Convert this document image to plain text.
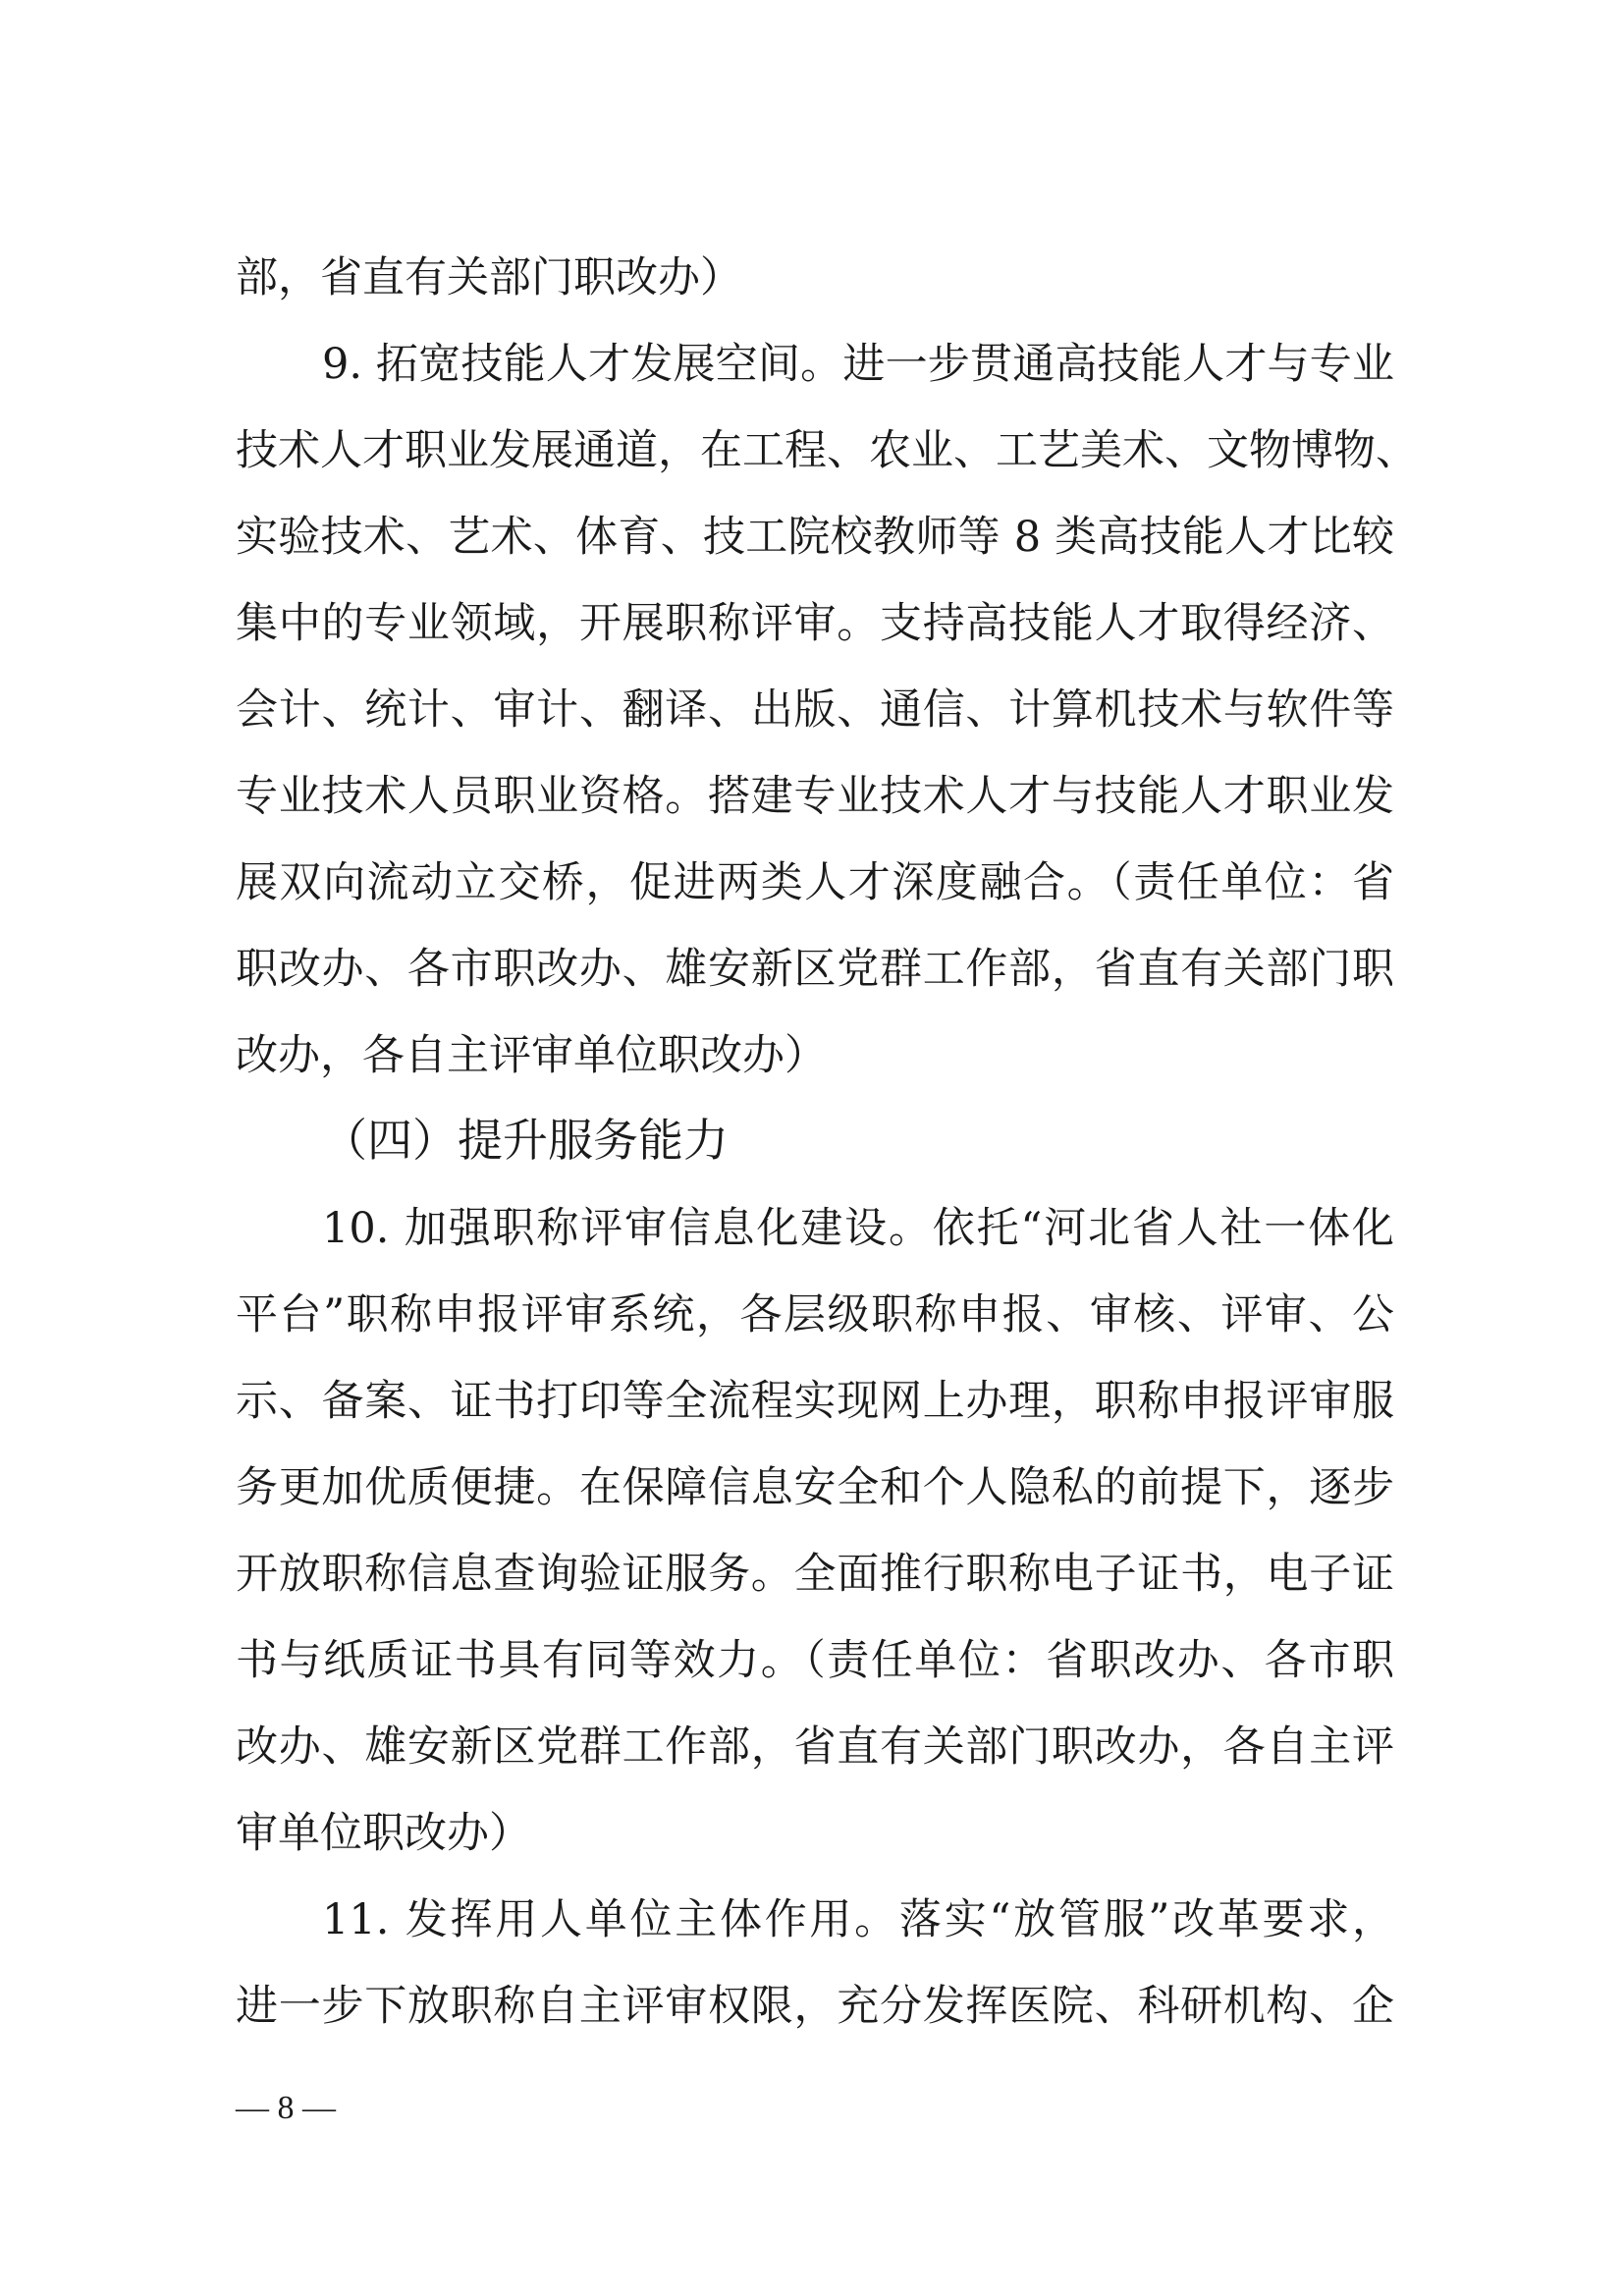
部，省直有关部门职改办）
9. 拓宽技能人才发展空间。进一步贯通高技能人才与专业
技术人才职业发展通道，在工程、农业、工艺美术、文物博物、
实验技术、艺术、体育、技工院校教师等 8 类高技能人才比较
集中的专业领域，开展职称评审。支持高技能人才取得经济、
会计、统计、审计、翻译、出版、通信、计算机技术与软件等
专业技术人员职业资格。搭建专业技术人才与技能人才职业发
展双向流动立交桥，促进两类人才深度融合。（责任单位：省
职改办、各市职改办、雄安新区党群工作部，省直有关部门职
改办，各自主评审单位职改办）
（四）提升服务能力
10. 加强职称评审信息化建设。依托“河北省人社一体化
平台”职称申报评审系统，各层级职称申报、审核、评审、公
示、备案、证书打印等全流程实现网上办理，职称申报评审服
务更加优质便捷。在保障信息安全和个人隐私的前提下，逐步
开放职称信息查询验证服务。全面推行职称电子证书，电子证
书与纸质证书具有同等效力。（责任单位：省职改办、各市职
改办、雄安新区党群工作部，省直有关部门职改办，各自主评
审单位职改办）
11. 发挥用人单位主体作用。落实“放管服”改革要求，
进一步下放职称自主评审权限，充分发挥医院、科研机构、企
— 8 —
